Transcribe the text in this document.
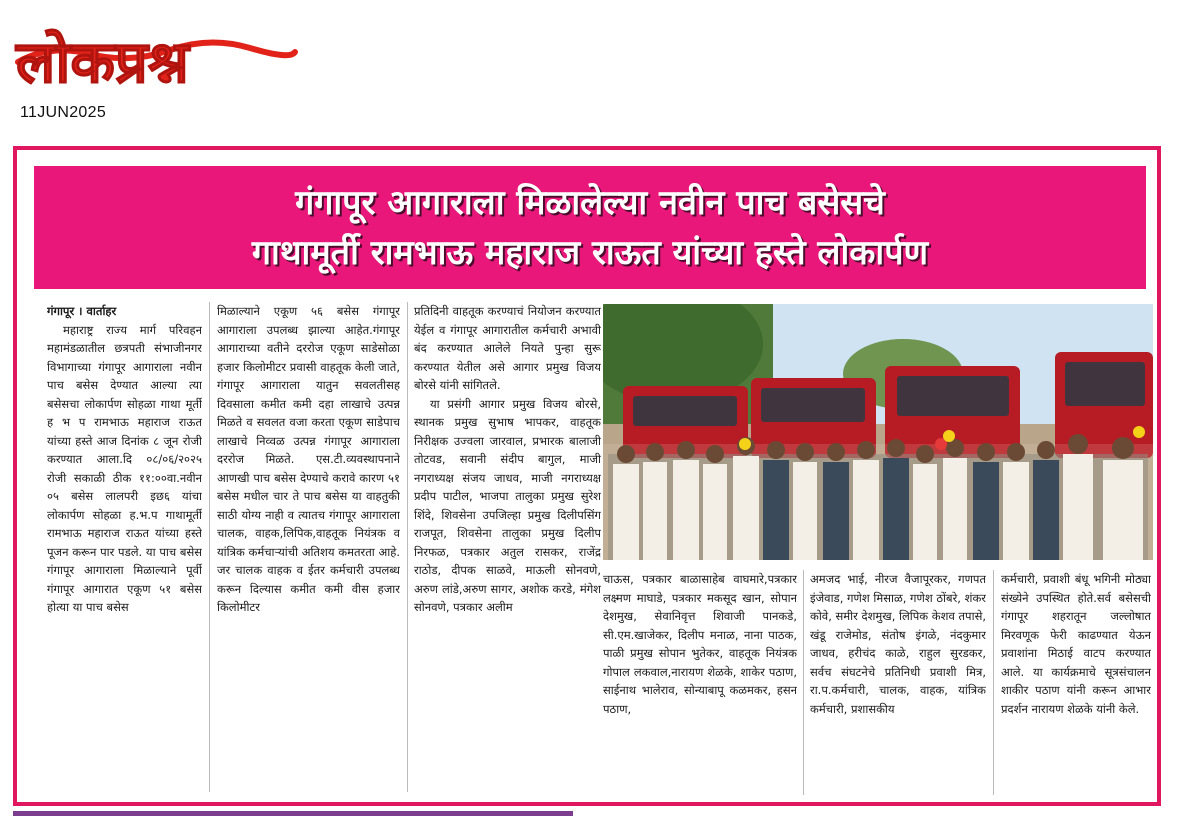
लोकप्रश्न
11JUN2025
गंगापूर आगाराला मिळालेल्या नवीन पाच बसेसचे
गाथामूर्ती रामभाऊ महाराज राऊत यांच्या हस्ते लोकार्पण

गंगापूर । वार्ताहर

महाराष्ट्र राज्य मार्ग परिवहन महामंडळातील छत्रपती संभाजीनगर विभागाच्या गंगापूर आगाराला नवीन पाच बसेस देण्यात आल्या त्या बसेसचा लोकार्पण सोहळा गाथा मूर्ती ह भ प रामभाऊ महाराज राऊत यांच्या हस्ते आज दिनांक ८ जून रोजी करण्यात आला.दि ०८/०६/२०२५ रोजी सकाळी ठीक ११:००वा.नवीन ०५ बसेस लालपरी इछ६ यांचा लोकार्पण सोहळा ह.भ.प गाथामूर्ती रामभाऊ महाराज राऊत यांच्या हस्ते पूजन करून पार पडले. या पाच बसेस गंगापूर आगाराला मिळाल्याने पूर्वी गंगापूर आगारात एकूण ५१ बसेस होत्या या पाच बसेस

मिळाल्याने एकूण ५६ बसेस गंगापूर आगाराला उपलब्ध झाल्या आहेत.गंगापूर आगाराच्या वतीने दररोज एकूण साडेसोळा हजार किलोमीटर प्रवासी वाहतूक केली जाते, गंगापूर आगाराला यातुन सवलतीसह दिवसाला कमीत कमी दहा लाखाचे उत्पन्न मिळते व सवलत वजा करता एकूण साडेपाच लाखाचे निव्वळ उत्पन्न गंगापूर आगाराला दररोज मिळते. एस.टी.व्यवस्थापनाने आणखी पाच बसेस देण्याचे करावे कारण ५१ बसेस मधील चार ते पाच बसेस या वाहतुकी साठी योग्य नाही व त्यातच गंगापूर आगाराला चालक, वाहक,लिपिक,वाहतूक नियंत्रक व यांत्रिक कर्मचाऱ्यांची अतिशय कमतरता आहे. जर चालक वाहक व ईतर कर्मचारी उपलब्ध करून दिल्यास कमीत कमी वीस हजार किलोमीटर

प्रतिदिनी वाहतूक करण्याचं नियोजन करण्यात येईल व गंगापूर आगारातील कर्मचारी अभावी बंद करण्यात आलेले नियते पुन्हा सुरू करण्यात येतील असे आगार प्रमुख विजय बोरसे यांनी सांगितले.

या प्रसंगी आगार प्रमुख विजय बोरसे, स्थानक प्रमुख सुभाष भापकर, वाहतूक निरीक्षक उज्वला जारवाल, प्रभारक बालाजी तोटवड, सवानी संदीप बागुल, माजी नगराध्यक्ष संजय जाधव, माजी नगराध्यक्ष प्रदीप पाटील, भाजपा तालुका प्रमुख सुरेश शिंदे, शिवसेना उपजिल्हा प्रमुख दिलीपसिंग राजपूत, शिवसेना तालुका प्रमुख दिलीप निरफळ, पत्रकार अतुल रासकर, राजेंद्र राठोड, दीपक साळवे, माऊली सोनवणे, अरुण लांडे,अरुण सागर, अशोक करडे, मंगेश सोनवणे, पत्रकार अलीम

चाऊस, पत्रकार बाळासाहेब वाघमारे,पत्रकार लक्ष्मण माघाडे, पत्रकार मकसूद खान, सोपान देशमुख, सेवानिवृत्त शिवाजी पानकडे, सी.एम.खाजेकर, दिलीप मनाळ, नाना पाठक, पाळी प्रमुख सोपान भुतेकर, वाहतूक नियंत्रक गोपाल लकवाल,नारायण शेळके, शाकेर पठाण, साईनाथ भालेराव, सोन्याबापू कळमकर, हसन पठाण,

अमजद भाई, नीरज वैजापूरकर, गणपत इंजेवाड, गणेश मिसाळ, गणेश ठोंबरे, शंकर कोवे, समीर देशमुख, लिपिक केशव तपासे, खंडू राजेमोड, संतोष इंगळे, नंदकुमार जाधव, हरीचंद काळे, राहुल सुरडकर, सर्वच संघटनेचे प्रतिनिधी प्रवाशी मित्र, रा.प.कर्मचारी, चालक, वाहक, यांत्रिक कर्मचारी, प्रशासकीय

कर्मचारी, प्रवाशी बंधू भगिनी मोठ्या संख्येने उपस्थित होते.सर्व बसेसची गंगापूर शहरातून जल्लोषात मिरवणूक फेरी काढण्यात येऊन प्रवाशांना मिठाई वाटप करण्यात आले. या कार्यक्रमाचे सूत्रसंचालन शाकीर पठाण यांनी करून आभार प्रदर्शन नारायण शेळके यांनी केले.
